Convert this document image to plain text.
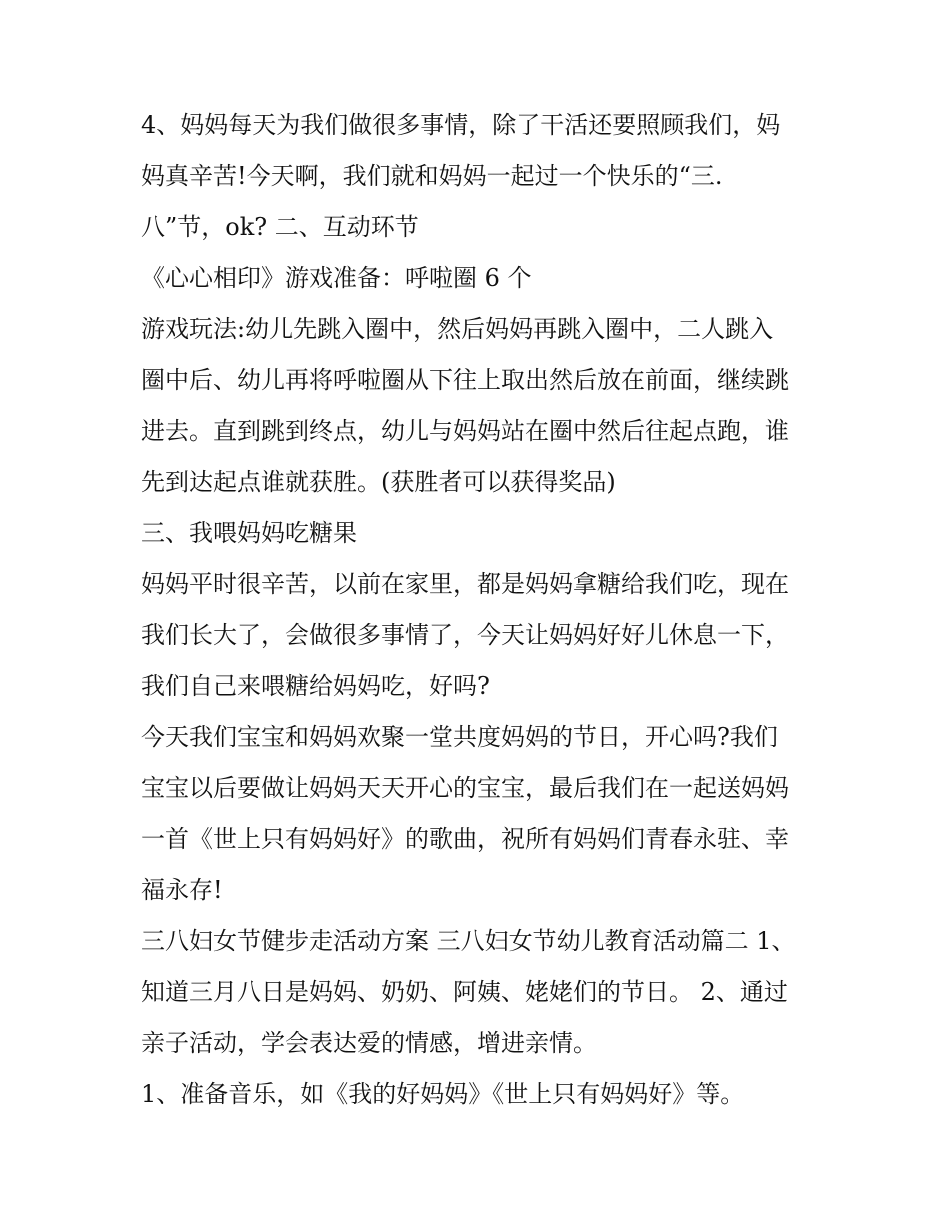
4、妈妈每天为我们做很多事情，除了干活还要照顾我们，妈
妈真辛苦!今天啊，我们就和妈妈一起过一个快乐的“三.
八”节，ok? 二、互动环节
《心心相印》游戏准备：呼啦圈 6 个
游戏玩法:幼儿先跳入圈中，然后妈妈再跳入圈中，二人跳入
圈中后、幼儿再将呼啦圈从下往上取出然后放在前面，继续跳
进去。直到跳到终点，幼儿与妈妈站在圈中然后往起点跑，谁
先到达起点谁就获胜。(获胜者可以获得奖品)
三、我喂妈妈吃糖果
妈妈平时很辛苦，以前在家里，都是妈妈拿糖给我们吃，现在
我们长大了，会做很多事情了，今天让妈妈好好儿休息一下，
我们自己来喂糖给妈妈吃，好吗?
今天我们宝宝和妈妈欢聚一堂共度妈妈的节日，开心吗?我们
宝宝以后要做让妈妈天天开心的宝宝，最后我们在一起送妈妈
一首《世上只有妈妈好》的歌曲，祝所有妈妈们青春永驻、幸
福永存!
三八妇女节健步走活动方案 三八妇女节幼儿教育活动篇二 1、
知道三月八日是妈妈、奶奶、阿姨、姥姥们的节日。 2、通过
亲子活动，学会表达爱的情感，增进亲情。
1、准备音乐，如《我的好妈妈》《世上只有妈妈好》等。
